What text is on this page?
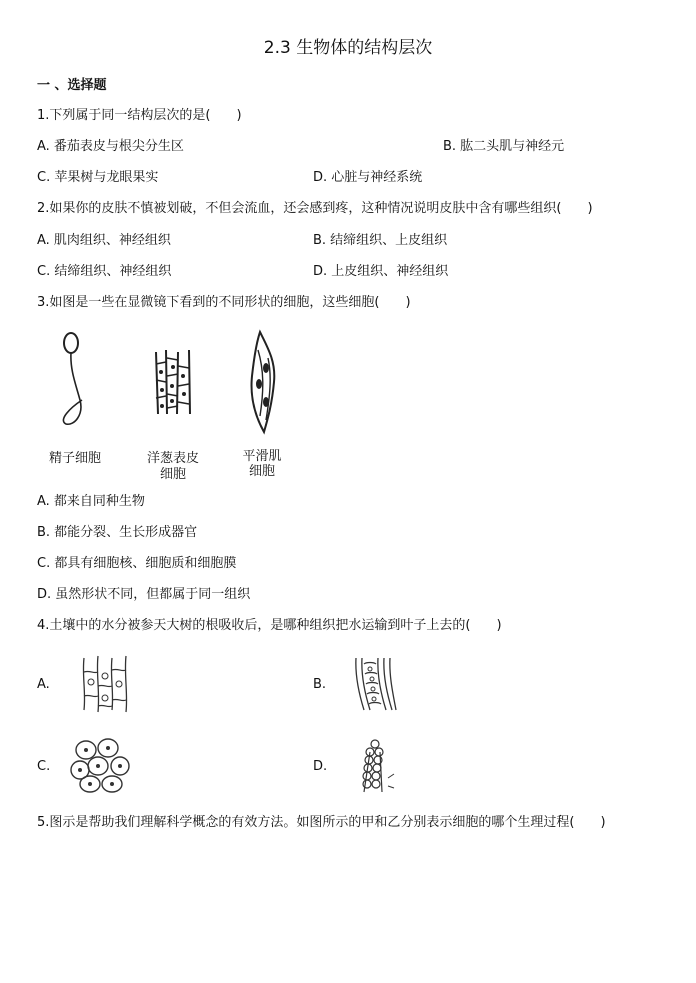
2.3 生物体的结构层次
一 、选择题
1.下列属于同一结构层次的是(　　)
A. 番茄表皮与根尖分生区	B. 肱二头肌与神经元
C. 苹果树与龙眼果实	D. 心脏与神经系统
2.如果你的皮肤不慎被划破，不但会流血，还会感到疼，这种情况说明皮肤中含有哪些组织(　　)
A. 肌肉组织、神经组织	B. 结缔组织、上皮组织
C. 结缔组织、神经组织	D. 上皮组织、神经组织
3.如图是一些在显微镜下看到的不同形状的细胞，这些细胞(　　)
精子细胞	洋葱表皮
细胞
平滑肌
细胞
A. 都来自同种生物
B. 都能分裂、生长形成器官
C. 都具有细胞核、细胞质和细胞膜
D. 虽然形状不同，但都属于同一组织
4.土壤中的水分被参天大树的根吸收后，是哪种组织把水运输到叶子上去的(　　)
A.	B.
C.	D.
5.图示是帮助我们理解科学概念的有效方法。如图所示的甲和乙分别表示细胞的哪个生理过程(　　)
